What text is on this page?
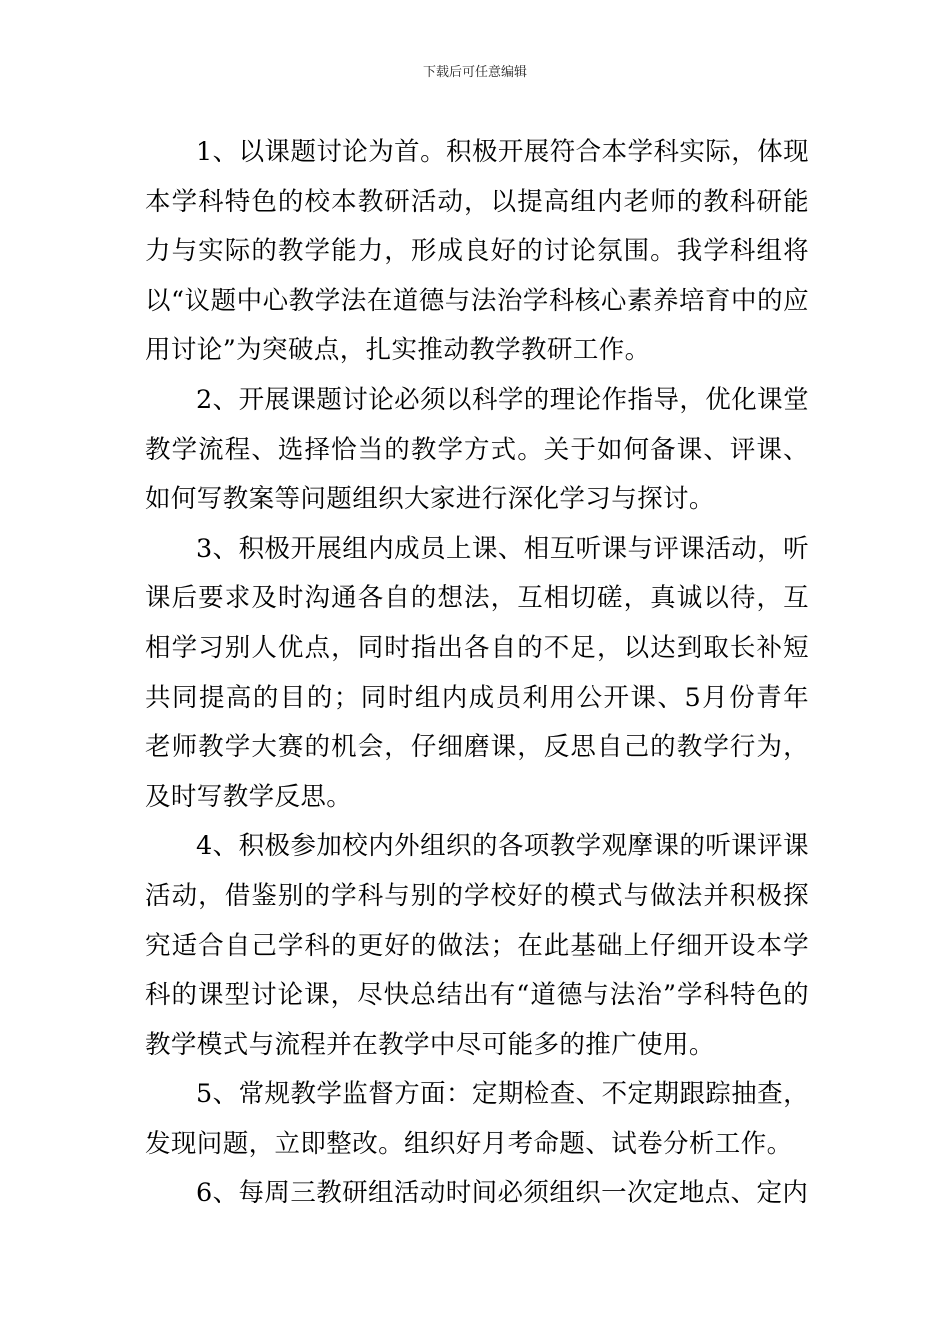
下载后可任意编辑

1、以课题讨论为首。积极开展符合本学科实际，体现本学科特色的校本教研活动，以提高组内老师的教科研能力与实际的教学能力，形成良好的讨论氛围。我学科组将以“议题中心教学法在道德与法治学科核心素养培育中的应用讨论”为突破点，扎实推动教学教研工作。

2、开展课题讨论必须以科学的理论作指导，优化课堂教学流程、选择恰当的教学方式。关于如何备课、评课、如何写教案等问题组织大家进行深化学习与探讨。

3、积极开展组内成员上课、相互听课与评课活动，听课后要求及时沟通各自的想法，互相切磋，真诚以待，互相学习别人优点，同时指出各自的不足，以达到取长补短共同提高的目的；同时组内成员利用公开课、5月份青年老师教学大赛的机会，仔细磨课，反思自己的教学行为，及时写教学反思。

4、积极参加校内外组织的各项教学观摩课的听课评课活动，借鉴别的学科与别的学校好的模式与做法并积极探究适合自己学科的更好的做法；在此基础上仔细开设本学科的课型讨论课，尽快总结出有“道德与法治”学科特色的教学模式与流程并在教学中尽可能多的推广使用。

5、常规教学监督方面：定期检查、不定期跟踪抽查，发现问题，立即整改。组织好月考命题、试卷分析工作。

6、每周三教研组活动时间必须组织一次定地点、定内
